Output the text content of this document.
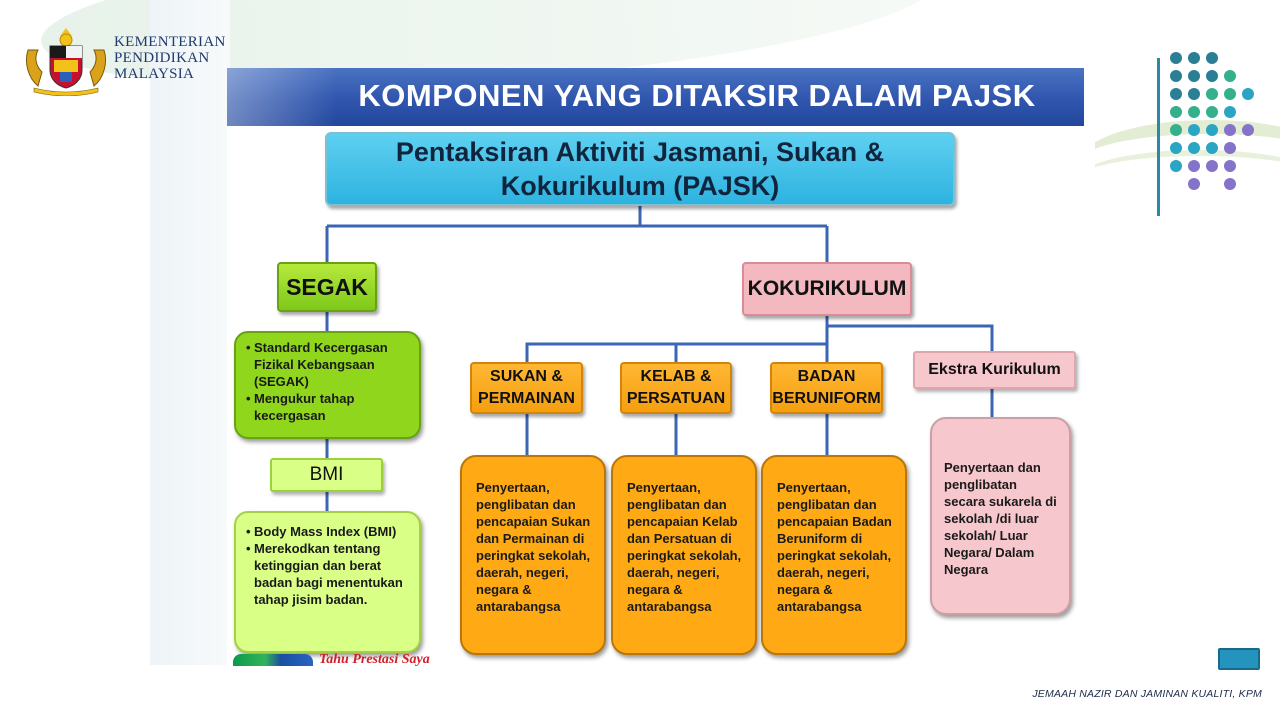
KEMENTERIAN
PENDIDIKAN
MALAYSIA
KOMPONEN YANG DITAKSIR DALAM PAJSK
Pentaksiran Aktiviti Jasmani, Sukan &
Kokurikulum (PAJSK)
SEGAK
• Standard Kecergasan Fizikal Kebangsaan (SEGAK)
• Mengukur tahap kecergasan
BMI
• Body Mass Index (BMI)
• Merekodkan tentang ketinggian dan berat badan bagi menentukan tahap jisim badan.
KOKURIKULUM
SUKAN &
PERMAINAN
KELAB &
PERSATUAN
BADAN
BERUNIFORM
Ekstra Kurikulum
Penyertaan, penglibatan dan pencapaian Sukan dan Permainan di peringkat sekolah, daerah, negeri, negara & antarabangsa
Penyertaan, penglibatan dan pencapaian Kelab dan Persatuan di peringkat sekolah, daerah, negeri, negara & antarabangsa
Penyertaan, penglibatan dan pencapaian Badan Beruniform di peringkat sekolah, daerah, negeri, negara & antarabangsa
Penyertaan dan penglibatan secara sukarela di sekolah /di luar sekolah/ Luar Negara/ Dalam Negara
Tahu Prestasi Saya
JEMAAH NAZIR DAN JAMINAN KUALITI, KPM
